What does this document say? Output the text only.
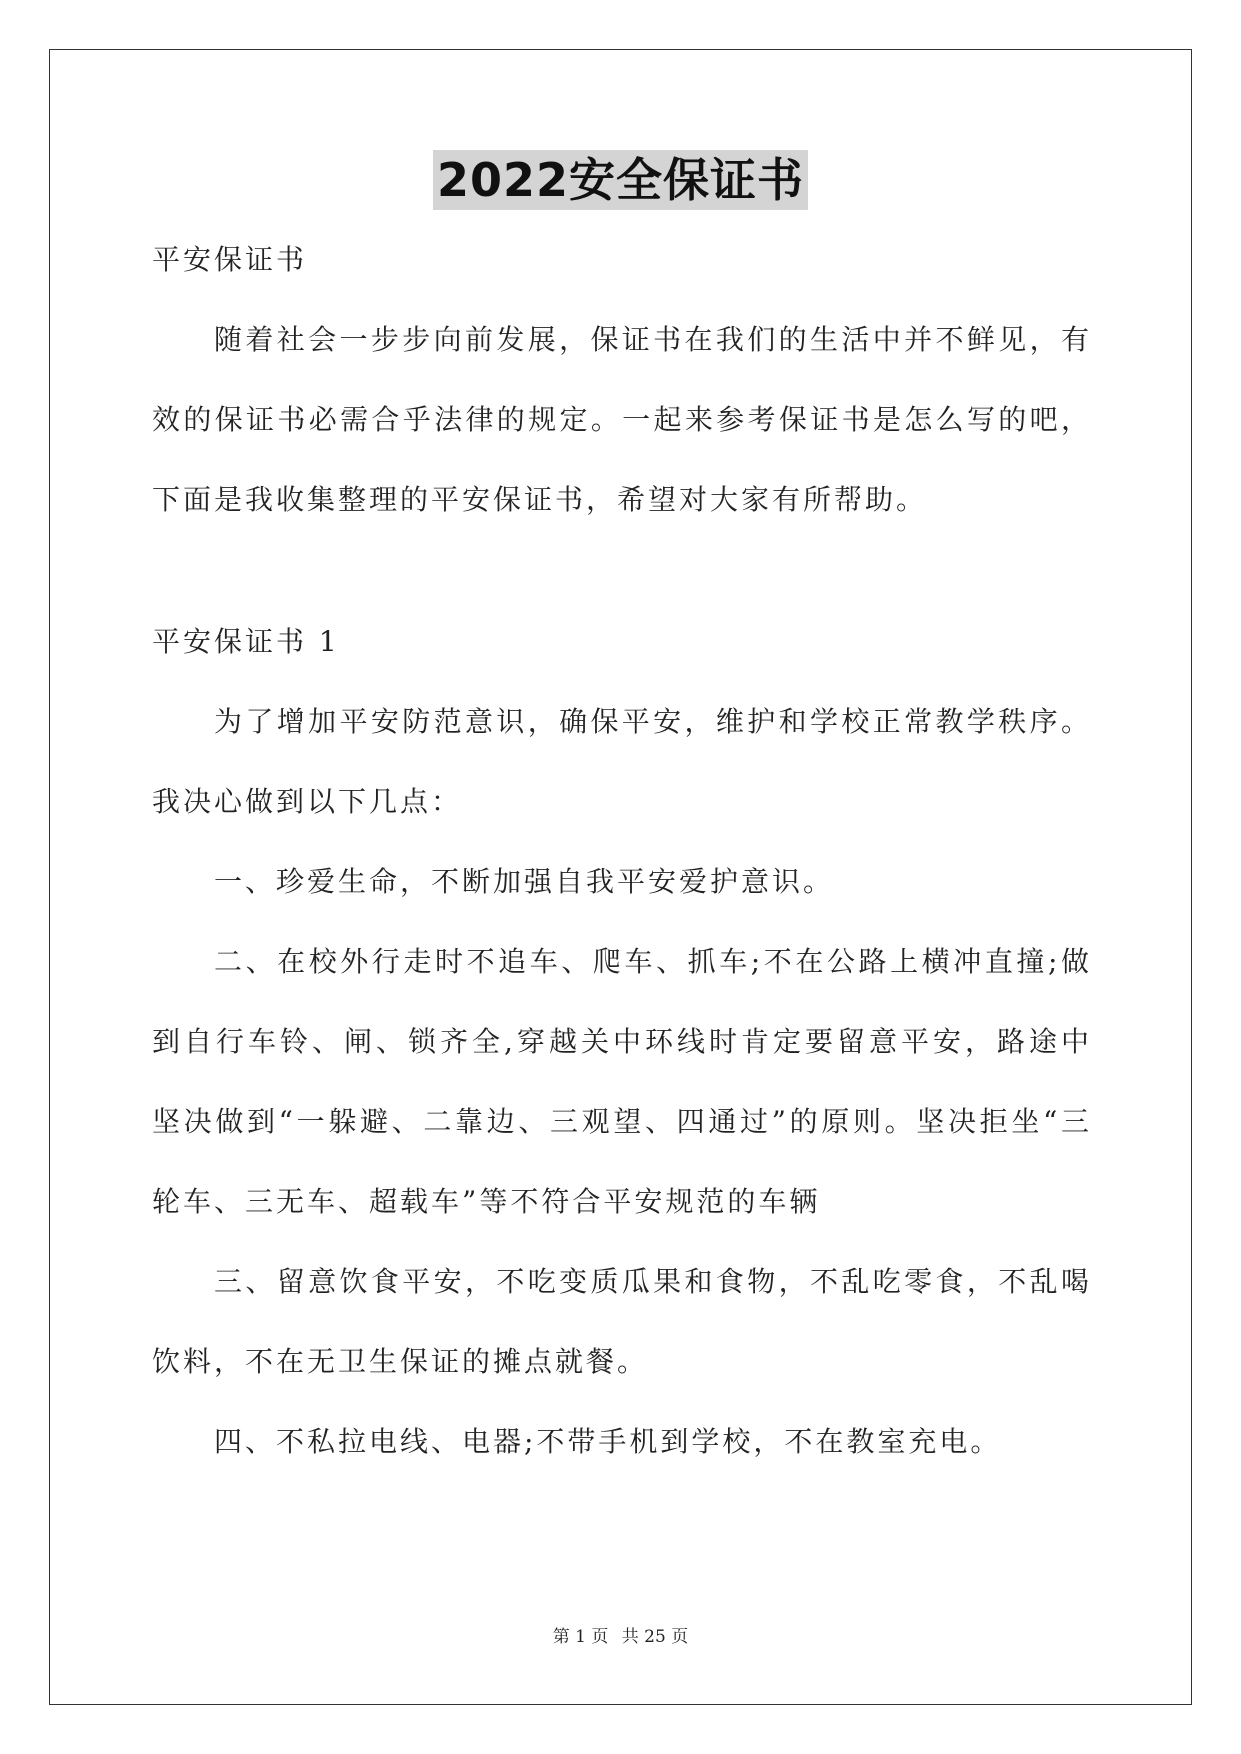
2022安全保证书

平安保证书

随着社会一步步向前发展，保证书在我们的生活中并不鲜见，有效的保证书必需合乎法律的规定。一起来参考保证书是怎么写的吧，下面是我收集整理的平安保证书，希望对大家有所帮助。

平安保证书 1

为了增加平安防范意识，确保平安，维护和学校正常教学秩序。我决心做到以下几点：

一、珍爱生命，不断加强自我平安爱护意识。

二、在校外行走时不追车、爬车、抓车;不在公路上横冲直撞;做到自行车铃、闸、锁齐全,穿越关中环线时肯定要留意平安，路途中坚决做到“一躲避、二靠边、三观望、四通过”的原则。坚决拒坐“三轮车、三无车、超载车”等不符合平安规范的车辆

三、留意饮食平安，不吃变质瓜果和食物，不乱吃零食，不乱喝饮料，不在无卫生保证的摊点就餐。

四、不私拉电线、电器;不带手机到学校，不在教室充电。

第 1 页 共 25 页
